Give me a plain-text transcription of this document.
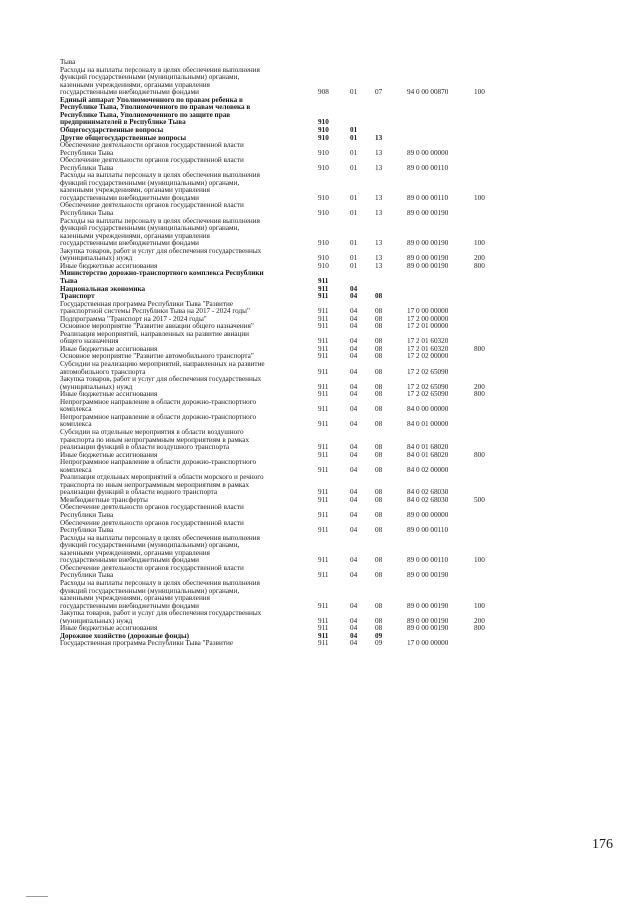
Тыва
Расходы на выплаты персоналу в целях обеспечения выполнения
функций государственными (муниципальными) органами,
казенными учреждениями, органами управления
государственными внебюджетными фондами	908	01 07	94 0 00 00870	100
Единый аппарат Уполномоченного по правам ребенка в
Республике Тыва, Уполномоченного по правам человека в
Республике Тыва, Уполномоченного по защите прав
предпринимателей в Республике Тыва	910
Общегосударственные вопросы	910	01
Другие общегосударственные вопросы	910	01 13
Обеспечение деятельности органов государственной власти
Республики Тыва	910	01 13	89 0 00 00000
Обеспечение деятельности органов государственной власти
Республики Тыва	910	01 13	89 0 00 00110
Расходы на выплаты персоналу в целях обеспечения выполнения
функций государственными (муниципальными) органами,
казенными учреждениями, органами управления
государственными внебюджетными фондами	910	01 13	89 0 00 00110	100
Обеспечение деятельности органов государственной власти
Республики Тыва	910	01 13	89 0 00 00190
Расходы на выплаты персоналу в целях обеспечения выполнения
функций государственными (муниципальными) органами,
казенными учреждениями, органами управления
государственными внебюджетными фондами	910	01 13	89 0 00 00190	100
Закупка товаров, работ и услуг для обеспечения государственных
(муниципальных) нужд	910	01 13	89 0 00 00190	200
Иные бюджетные ассигнования	910	01 13	89 0 00 00190	800
Министерство дорожно-транспортного комплекса Республики
Тыва	911
Национальная экономика	911	04
Транспорт	911	04 08
Государственная программа Республики Тыва "Развитие
транспортной системы Республики Тыва на 2017 - 2024 годы"	911	04 08	17 0 00 00000
Подпрограмма "Транспорт на 2017 - 2024 годы"	911	04 08	17 2 00 00000
Основное мероприятие "Развитие авиации общего назначения"	911	04 08	17 2 01 00000
Реализация мероприятий, направленных на развитие авиации
общего назначения	911	04 08	17 2 01 60320
Иные бюджетные ассигнования	911	04 08	17 2 01 60320	800
Основное мероприятие "Развитие автомобильного транспорта"	911	04 08	17 2 02 00000
Субсидии на реализацию мероприятий, направленных на развитие
автомобильного транспорта	911	04 08	17 2 02 65090
Закупка товаров, работ и услуг для обеспечения государственных
(муниципальных) нужд	911	04 08	17 2 02 65090	200
Иные бюджетные ассигнования	911	04 08	17 2 02 65090	800
Непрограммное направление в области дорожно-транспортного
комплекса	911	04 08	84 0 00 00000
Непрограммное направление в области дорожно-транспортного
комплекса	911	04 08	84 0 01 00000
Субсидии на отдельные мероприятия в области воздушного
транспорта по иным непрограммным мероприятиям в рамках
реализации функций в области воздушного транспорта	911	04 08	84 0 01 68020
Иные бюджетные ассигнования	911	04 08	84 0 01 68020	800
Непрограммное направление в области дорожно-транспортного
комплекса	911	04 08	84 0 02 00000
Реализация отдельных мероприятий в области морского и речного
транспорта по иным непрограммным мероприятиям в рамках
реализации функций в области водного транспорта	911	04 08	84 0 02 68030
Межбюджетные трансферты	911	04 08	84 0 02 68030	500
Обеспечение деятельности органов государственной власти
Республики Тыва	911	04 08	89 0 00 00000
Обеспечение деятельности органов государственной власти
Республики Тыва	911	04 08	89 0 00 00110
Расходы на выплаты персоналу в целях обеспечения выполнения
функций государственными (муниципальными) органами,
казенными учреждениями, органами управления
государственными внебюджетными фондами	911	04 08	89 0 00 00110	100
Обеспечение деятельности органов государственной власти
Республики Тыва	911	04 08	89 0 00 00190
Расходы на выплаты персоналу в целях обеспечения выполнения
функций государственными (муниципальными) органами,
казенными учреждениями, органами управления
государственными внебюджетными фондами	911	04 08	89 0 00 00190	100
Закупка товаров, работ и услуг для обеспечения государственных
(муниципальных) нужд	911	04 08	89 0 00 00190	200
Иные бюджетные ассигнования	911	04 08	89 0 00 00190	800
Дорожное хозяйство (дорожные фонды)	911	04 09
Государственная программа Республики Тыва "Развитие	911	04 09	17 0 00 00000
176
